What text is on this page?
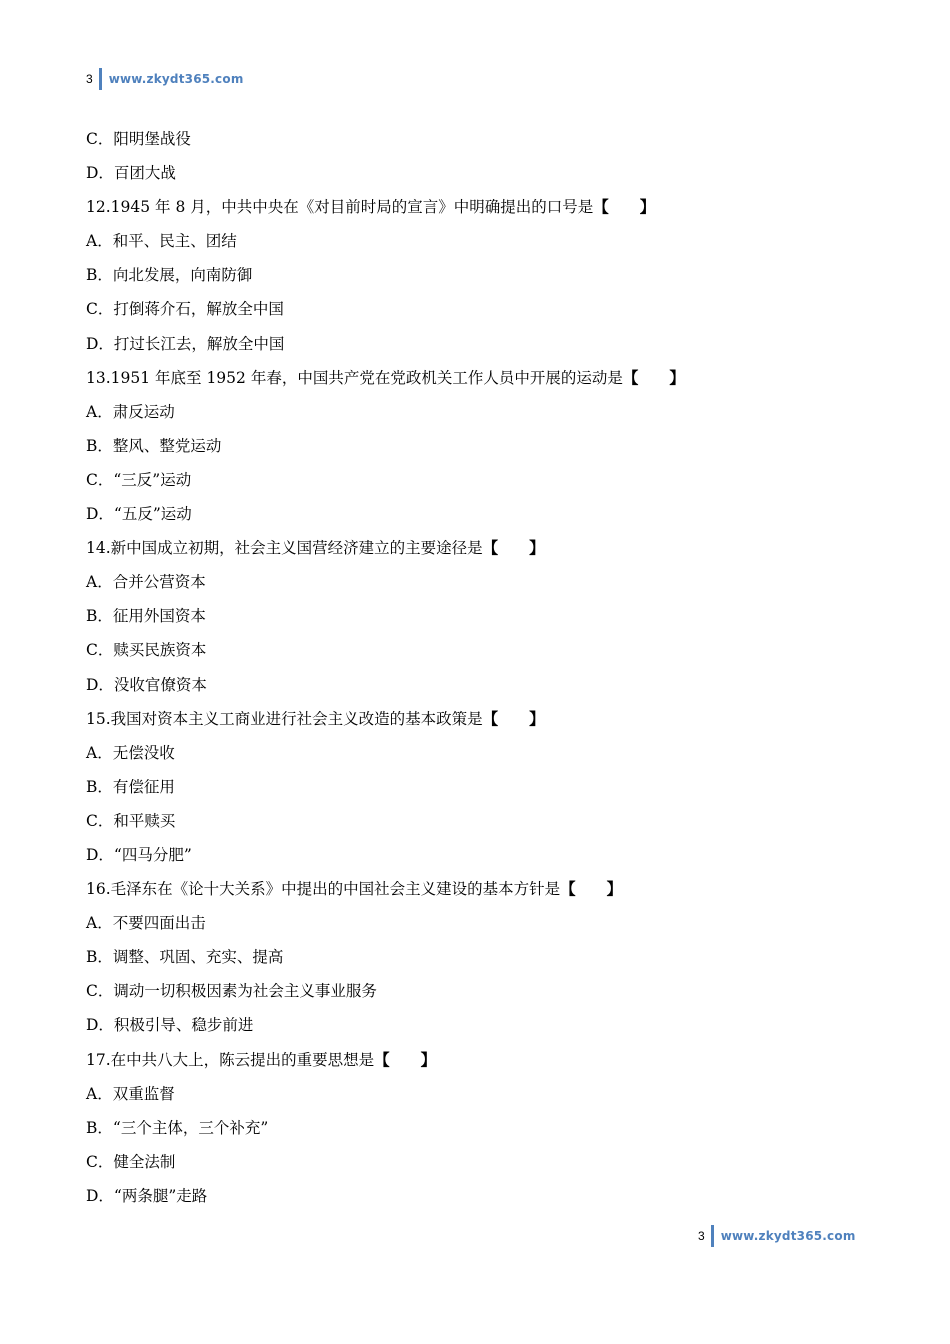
3 www.zkydt365.com
C．阳明堡战役
D．百团大战
12.1945 年 8 月，中共中央在《对目前时局的宣言》中明确提出的口号是【　　】
A．和平、民主、团结
B．向北发展，向南防御
C．打倒蒋介石，解放全中国
D．打过长江去，解放全中国
13.1951 年底至 1952 年春，中国共产党在党政机关工作人员中开展的运动是【　　】
A．肃反运动
B．整风、整党运动
C．“三反”运动
D．“五反”运动
14.新中国成立初期，社会主义国营经济建立的主要途径是【　　】
A．合并公营资本
B．征用外国资本
C．赎买民族资本
D．没收官僚资本
15.我国对资本主义工商业进行社会主义改造的基本政策是【　　】
A．无偿没收
B．有偿征用
C．和平赎买
D．“四马分肥”
16.毛泽东在《论十大关系》中提出的中国社会主义建设的基本方针是【　　】
A．不要四面出击
B．调整、巩固、充实、提高
C．调动一切积极因素为社会主义事业服务
D．积极引导、稳步前进
17.在中共八大上，陈云提出的重要思想是【　　】
A．双重监督
B．“三个主体，三个补充”
C．健全法制
D．“两条腿”走路
3 www.zkydt365.com
